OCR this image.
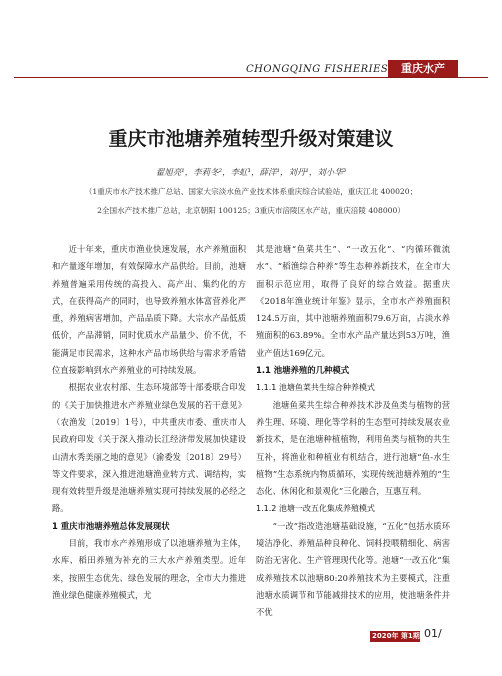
CHONGQING FISHERIES	重庆水产
重庆市池塘养殖转型升级对策建议
翟旭亮¹，李莉冬²，李虹¹，薛洋¹，刘丹¹，刘小华³
（1重庆市水产技术推广总站、国家大宗淡水鱼产业技术体系重庆综合试验站，重庆江北 400020；
2全国水产技术推广总站，北京朝阳 100125；3重庆市涪陵区水产站，重庆涪陵 408000）

近十年来，重庆市渔业快速发展，水产养殖面积和产量逐年增加，有效保障水产品供给。目前，池塘养殖普遍采用传统的高投入、高产出、集约化的方式，在获得高产的同时，也导致养殖水体富营养化严重，养殖病害增加，产品品质下降。大宗水产品低质低价，产品滞销，同时优质水产品量少、价不优，不能满足市民需求，这种水产品市场供给与需求矛盾错位直接影响到水产养殖业的可持续发展。

根据农业农村部、生态环境部等十部委联合印发的《关于加快推进水产养殖业绿色发展的若干意见》（农渔发〔2019〕1号），中共重庆市委、重庆市人民政府印发《关于深入推动长江经济带发展加快建设山清水秀美丽之地的意见》（渝委发〔2018〕29号）等文件要求，深入推进池塘渔业转方式、调结构，实现有效转型升级是池塘养殖实现可持续发展的必经之路。

1 重庆市池塘养殖总体发展现状

目前，我市水产养殖形成了以池塘养殖为主体，水库、稻田养殖为补充的三大水产养殖类型。近年来，按照生态优先、绿色发展的理念，全市大力推进渔业绿色健康养殖模式，尤

其是池塘“鱼菜共生”、“一改五化”、“内循环微流水”、“稻渔综合种养”等生态种养新技术，在全市大面积示范应用，取得了良好的综合效益。据重庆《2018年渔业统计年鉴》显示，全市水产养殖面积124.5万亩，其中池塘养殖面积79.6万亩，占淡水养殖面积的63.89%。全市水产品产量达到53万吨，渔业产值达169亿元。

1.1 池塘养殖的几种模式
1.1.1 池塘鱼菜共生综合种养模式

池塘鱼菜共生综合种养技术涉及鱼类与植物的营养生理、环境、理化等学科的生态型可持续发展农业新技术，是在池塘种植植物，利用鱼类与植物的共生互补，将渔业和种植业有机结合，进行池塘“鱼-水生植物”生态系统内物质循环，实现传统池塘养殖的“生态化、休闲化和景观化”三化融合，互惠互利。

1.1.2 池塘一改五化集成养殖模式

“一改”指改造池塘基础设施，“五化”包括水质环境洁净化、养殖品种良种化、饲料投喂精细化、病害防治无害化、生产管理现代化等。池塘“一改五化”集成养殖技术以池塘80:20养殖技术为主要模式，注重池塘水质调节和节能减排技术的应用，使池塘条件并不优

2020年 第1期 01/
